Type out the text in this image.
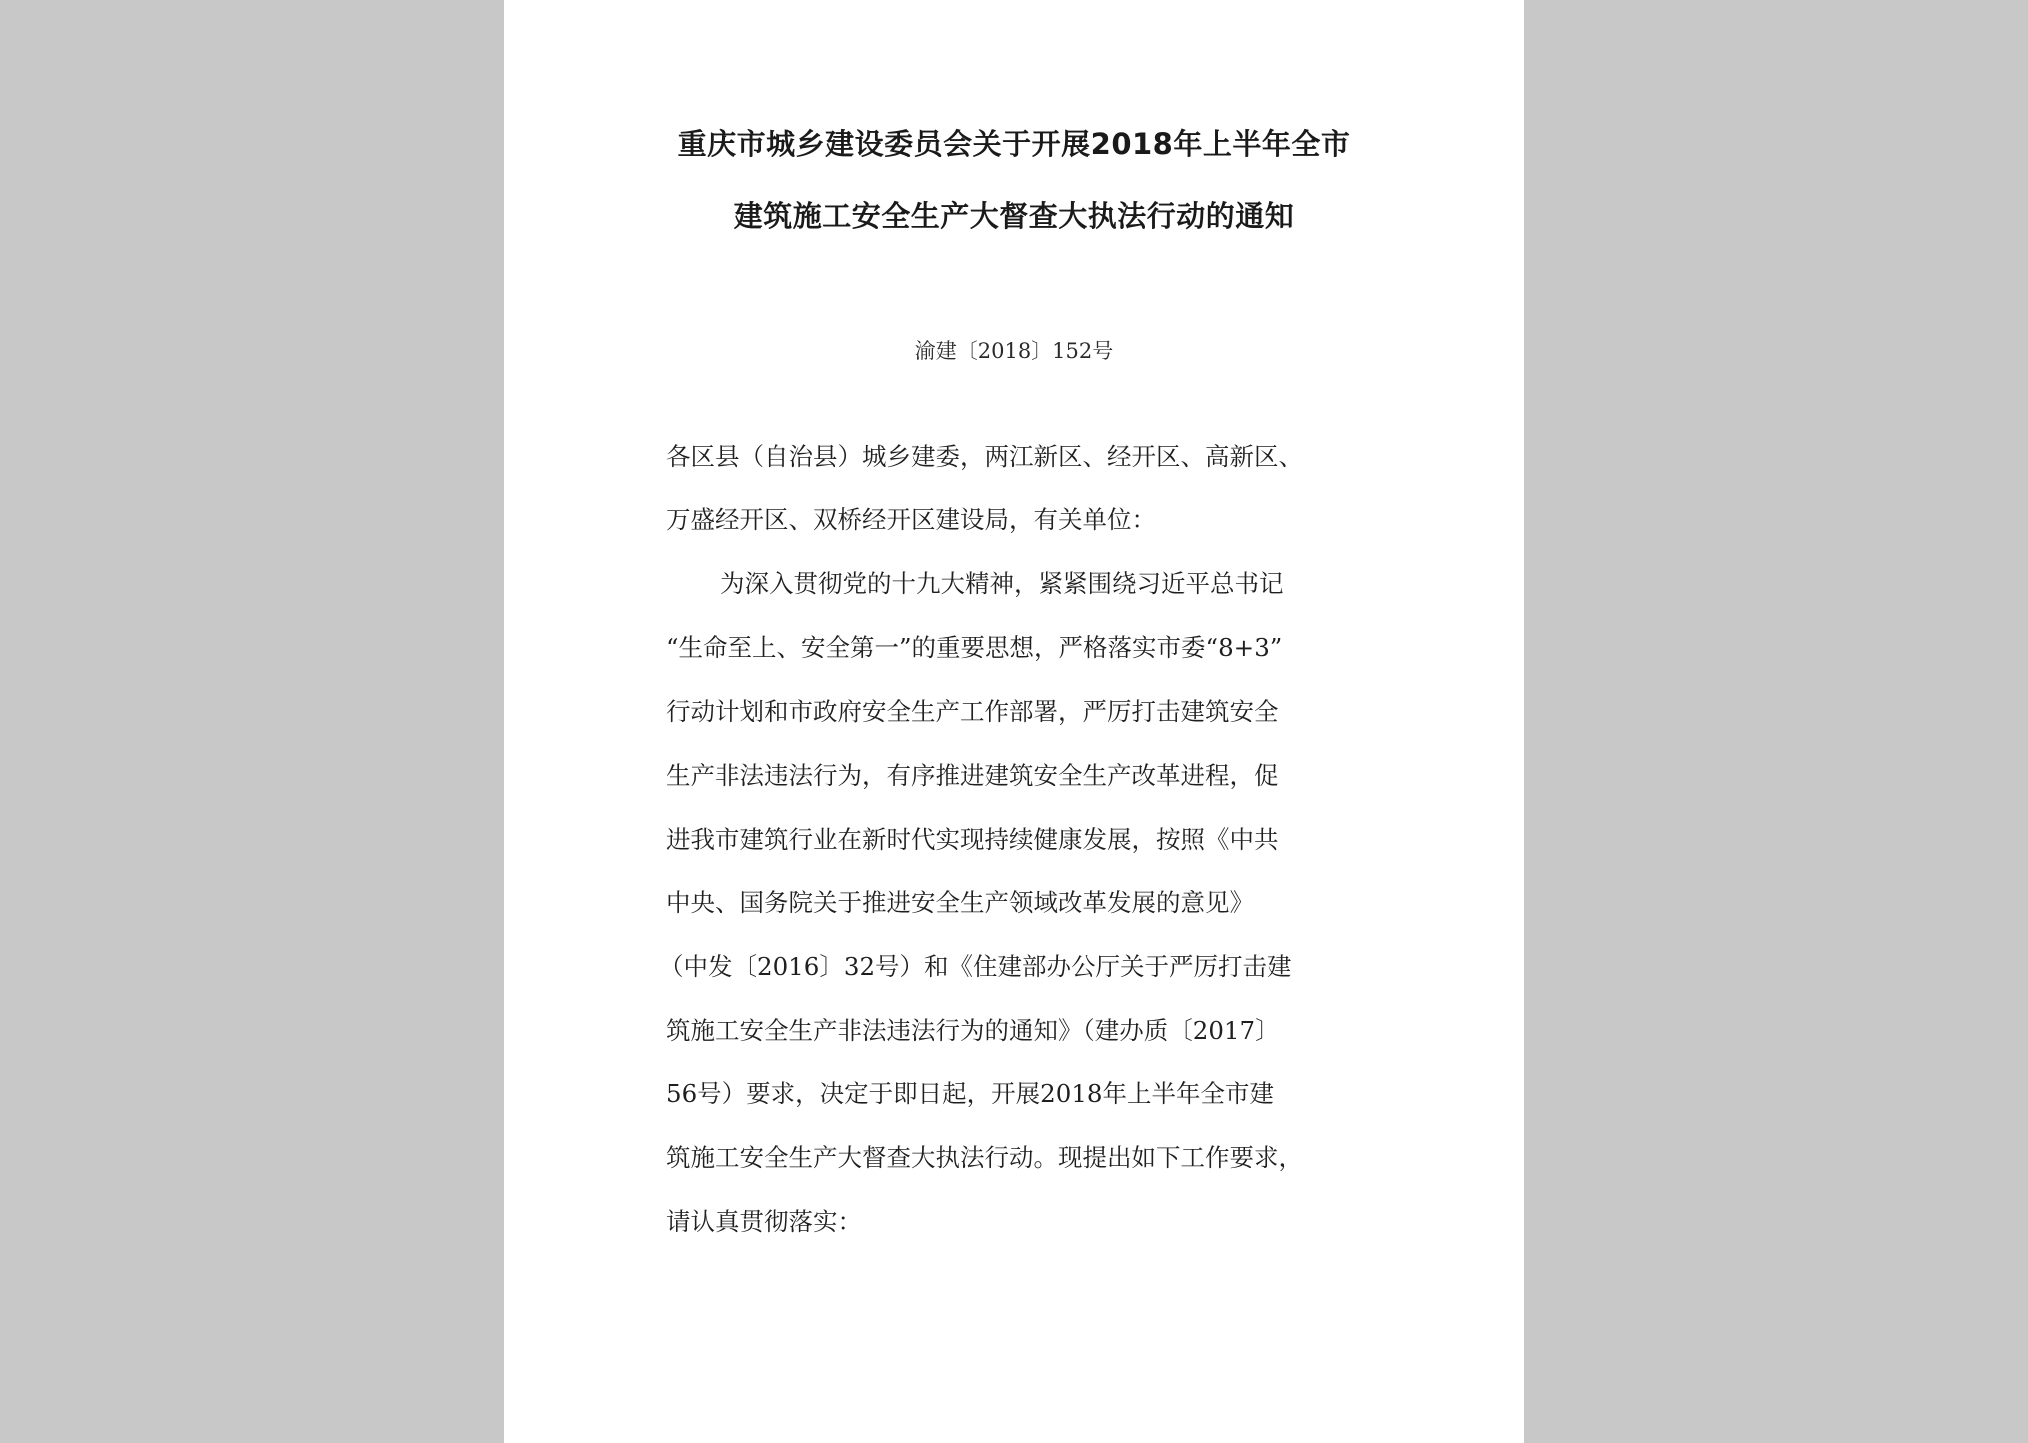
重庆市城乡建设委员会关于开展2018年上半年全市
建筑施工安全生产大督查大执法行动的通知
渝建〔2018〕152号
各区县（自治县）城乡建委，两江新区、经开区、高新区、
万盛经开区、双桥经开区建设局，有关单位：
为深入贯彻党的十九大精神，紧紧围绕习近平总书记
“生命至上、安全第一”的重要思想，严格落实市委“8+3”
行动计划和市政府安全生产工作部署，严厉打击建筑安全
生产非法违法行为，有序推进建筑安全生产改革进程，促
进我市建筑行业在新时代实现持续健康发展，按照《中共
中央、国务院关于推进安全生产领域改革发展的意见》
（中发〔2016〕32号）和《住建部办公厅关于严厉打击建
筑施工安全生产非法违法行为的通知》（建办质〔2017〕
56号）要求，决定于即日起，开展2018年上半年全市建
筑施工安全生产大督查大执法行动。现提出如下工作要求，
请认真贯彻落实：
